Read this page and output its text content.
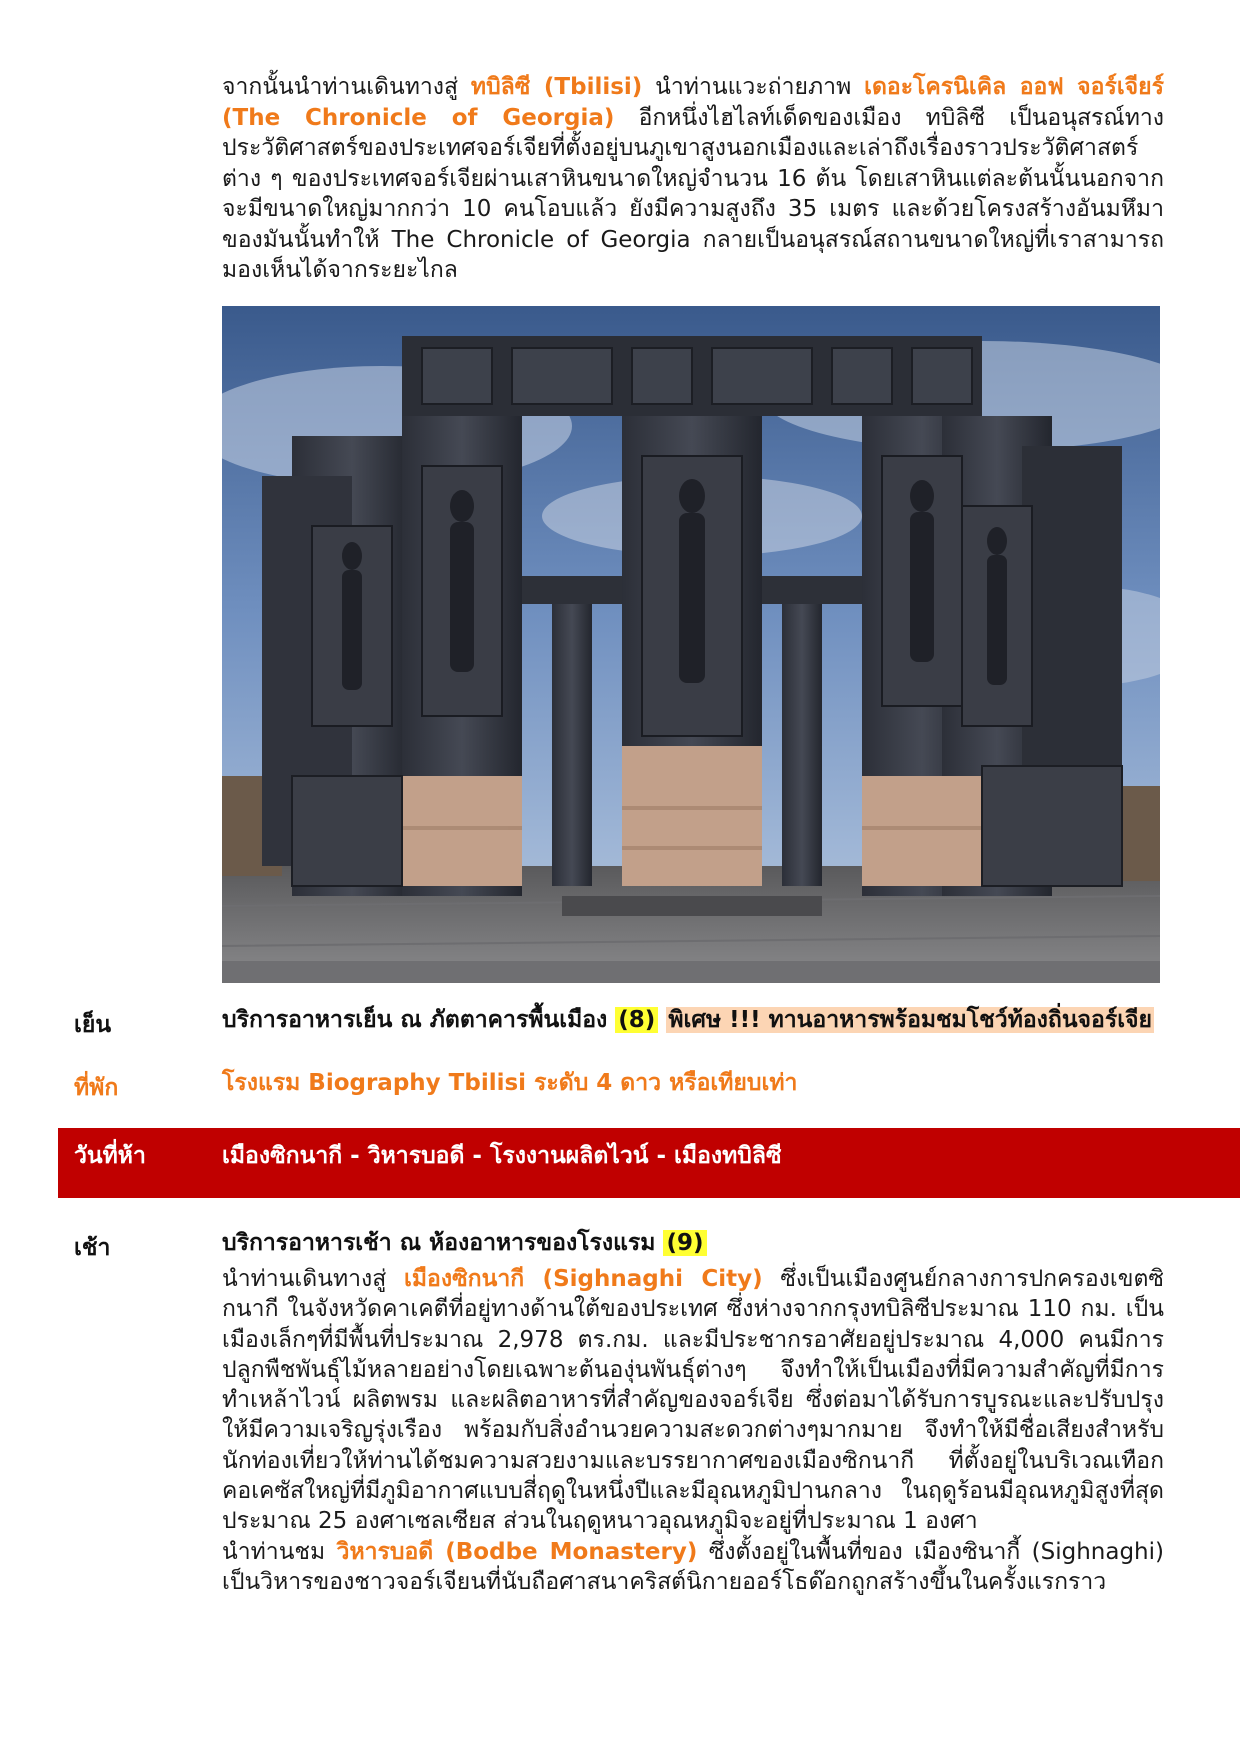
จากนั้นนำท่านเดินทางสู่ ทบิลิซี (Tbilisi) นำท่านแวะถ่ายภาพ เดอะโครนิเคิล ออฟ จอร์เจียร์ (The Chronicle of Georgia) อีกหนึ่งไฮไลท์เด็ดของเมือง ทบิลิซี เป็นอนุสรณ์ทางประวัติศาสตร์ของประเทศจอร์เจียที่ตั้งอยู่บนภูเขาสูงนอกเมืองและเล่าถึงเรื่องราวประวัติศาสตร์ต่าง ๆ ของประเทศจอร์เจียผ่านเสาหินขนาดใหญ่จำนวน 16 ต้น โดยเสาหินแต่ละต้นนั้นนอกจากจะมีขนาดใหญ่มากกว่า 10 คนโอบแล้ว ยังมีความสูงถึง 35 เมตร และด้วยโครงสร้างอันมหึมาของมันนั้นทำให้ The Chronicle of Georgia กลายเป็นอนุสรณ์สถานขนาดใหญ่ที่เราสามารถมองเห็นได้จากระยะไกล

เย็น	บริการอาหารเย็น ณ ภัตตาคารพื้นเมือง (8) พิเศษ !!! ทานอาหารพร้อมชมโชว์ท้องถิ่นจอร์เจีย
ที่พัก	โรงแรม Biography Tbilisi ระดับ 4 ดาว หรือเทียบเท่า
วันที่ห้า	เมืองซิกนากี - วิหารบอดี - โรงงานผลิตไวน์ - เมืองทบิลิซี
เช้า	บริการอาหารเช้า ณ ห้องอาหารของโรงแรม (9)

นำท่านเดินทางสู่ เมืองซิกนากี (Sighnaghi City) ซึ่งเป็นเมืองศูนย์กลางการปกครองเขตซิกนากี ในจังหวัดคาเคตีที่อยู่ทางด้านใต้ของประเทศ ซึ่งห่างจากกรุงทบิลิซีประมาณ 110 กม. เป็นเมืองเล็กๆที่มีพื้นที่ประมาณ 2,978 ตร.กม. และมีประชากรอาศัยอยู่ประมาณ 4,000 คนมีการปลูกพืชพันธุ์ไม้หลายอย่างโดยเฉพาะต้นองุ่นพันธุ์ต่างๆ จึงทำให้เป็นเมืองที่มีความสำคัญที่มีการทำเหล้าไวน์ ผลิตพรม และผลิตอาหารที่สำคัญของจอร์เจีย ซึ่งต่อมาได้รับการบูรณะและปรับปรุงให้มีความเจริญรุ่งเรือง พร้อมกับสิ่งอำนวยความสะดวกต่างๆมากมาย จึงทำให้มีชื่อเสียงสำหรับนักท่องเที่ยวให้ท่านได้ชมความสวยงามและบรรยากาศของเมืองซิกนากี ที่ตั้งอยู่ในบริเวณเทือกคอเคซัสใหญ่ที่มีภูมิอากาศแบบสี่ฤดูในหนึ่งปีและมีอุณหภูมิปานกลาง ในฤดูร้อนมีอุณหภูมิสูงที่สุดประมาณ 25 องศาเซลเซียส ส่วนในฤดูหนาวอุณหภูมิจะอยู่ที่ประมาณ 1 องศา
นำท่านชม วิหารบอดี (Bodbe Monastery) ซึ่งตั้งอยู่ในพื้นที่ของ เมืองซินากี้ (Sighnaghi) เป็นวิหารของชาวจอร์เจียนที่นับถือศาสนาคริสต์นิกายออร์โธด๊อกถูกสร้างขึ้นในครั้งแรกราว
